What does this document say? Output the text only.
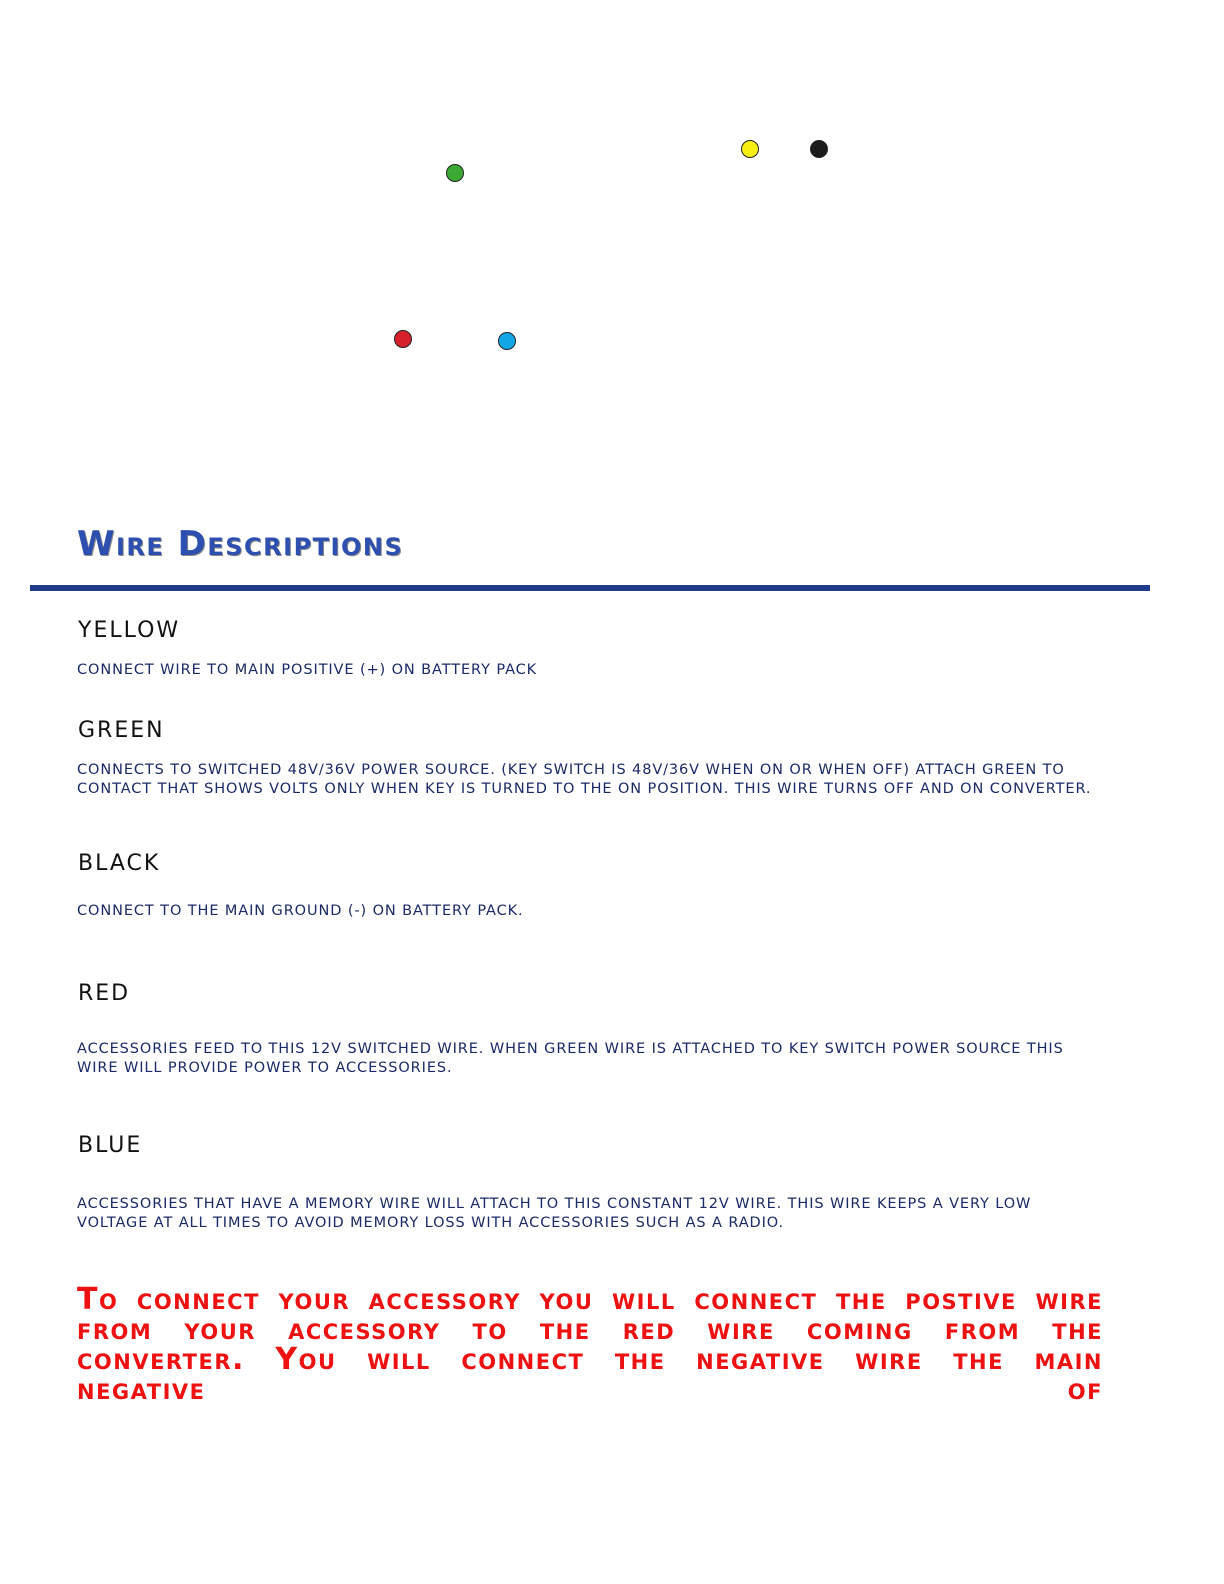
Wire Descriptions
YELLOW

CONNECT WIRE TO MAIN POSITIVE (+) ON BATTERY PACK

GREEN

CONNECTS TO SWITCHED 48V/36V POWER SOURCE. (KEY SWITCH IS 48V/36V WHEN ON OR WHEN OFF) ATTACH GREEN TO CONTACT THAT SHOWS VOLTS ONLY WHEN KEY IS TURNED TO THE ON POSITION. THIS WIRE TURNS OFF AND ON CONVERTER.

BLACK

CONNECT TO THE MAIN GROUND (-) ON BATTERY PACK.

RED

ACCESSORIES FEED TO THIS 12V SWITCHED WIRE. WHEN GREEN WIRE IS ATTACHED TO KEY SWITCH POWER SOURCE THIS WIRE WILL PROVIDE POWER TO ACCESSORIES.

BLUE

ACCESSORIES THAT HAVE A MEMORY WIRE WILL ATTACH TO THIS CONSTANT 12V WIRE. THIS WIRE KEEPS A VERY LOW VOLTAGE AT ALL TIMES TO AVOID MEMORY LOSS WITH ACCESSORIES SUCH AS A RADIO.

To connect your accessory you will connect the postive wire from your accessory to the red wire coming from the converter. You will connect the negative wire the main negative of
